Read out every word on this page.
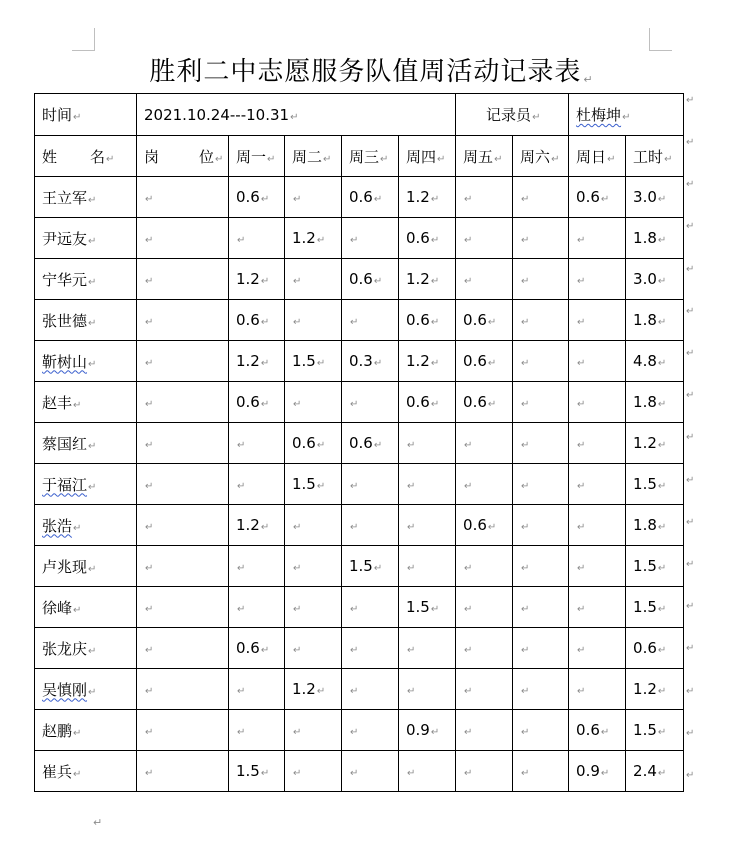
胜利二中志愿服务队值周活动记录表 ↵
时间↵	2021.10.24---10.31↵					记录员↵		杜梅坤↵	
姓 名↵	岗 位↵	周一↵	周二↵	周三↵	周四↵	周五↵	周六↵	周日↵	工时↵
王立军↵	↵	0.6↵	↵	0.6↵	1.2↵	↵	↵	0.6↵	3.0↵
尹远友↵	↵	↵	1.2↵	↵	0.6↵	↵	↵	↵	1.8↵
宁华元↵	↵	1.2↵	↵	0.6↵	1.2↵	↵	↵	↵	3.0↵
张世德↵	↵	0.6↵	↵	↵	0.6↵	0.6↵	↵	↵	1.8↵
靳树山↵	↵	1.2↵	1.5↵	0.3↵	1.2↵	0.6↵	↵	↵	4.8↵
赵丰↵	↵	0.6↵	↵	↵	0.6↵	0.6↵	↵	↵	1.8↵
蔡国红↵	↵	↵	0.6↵	0.6↵	↵	↵	↵	↵	1.2↵
于福江↵	↵	↵	1.5↵	↵	↵	↵	↵	↵	1.5↵
张浩↵	↵	1.2↵	↵	↵	↵	0.6↵	↵	↵	1.8↵
卢兆现↵	↵	↵	↵	1.5↵	↵	↵	↵	↵	1.5↵
徐峰↵	↵	↵	↵	↵	1.5↵	↵	↵	↵	1.5↵
张龙庆↵	↵	0.6↵	↵	↵	↵	↵	↵	↵	0.6↵
吴慎刚↵	↵	↵	1.2↵	↵	↵	↵	↵	↵	1.2↵
赵鹏↵	↵	↵	↵	↵	0.9↵	↵	↵	0.6↵	1.5↵
崔兵↵	↵	1.5↵	↵	↵	↵	↵	↵	0.9↵	2.4↵
↵
↵
↵
↵
↵
↵
↵
↵
↵
↵
↵
↵
↵
↵
↵
↵
↵
↵
